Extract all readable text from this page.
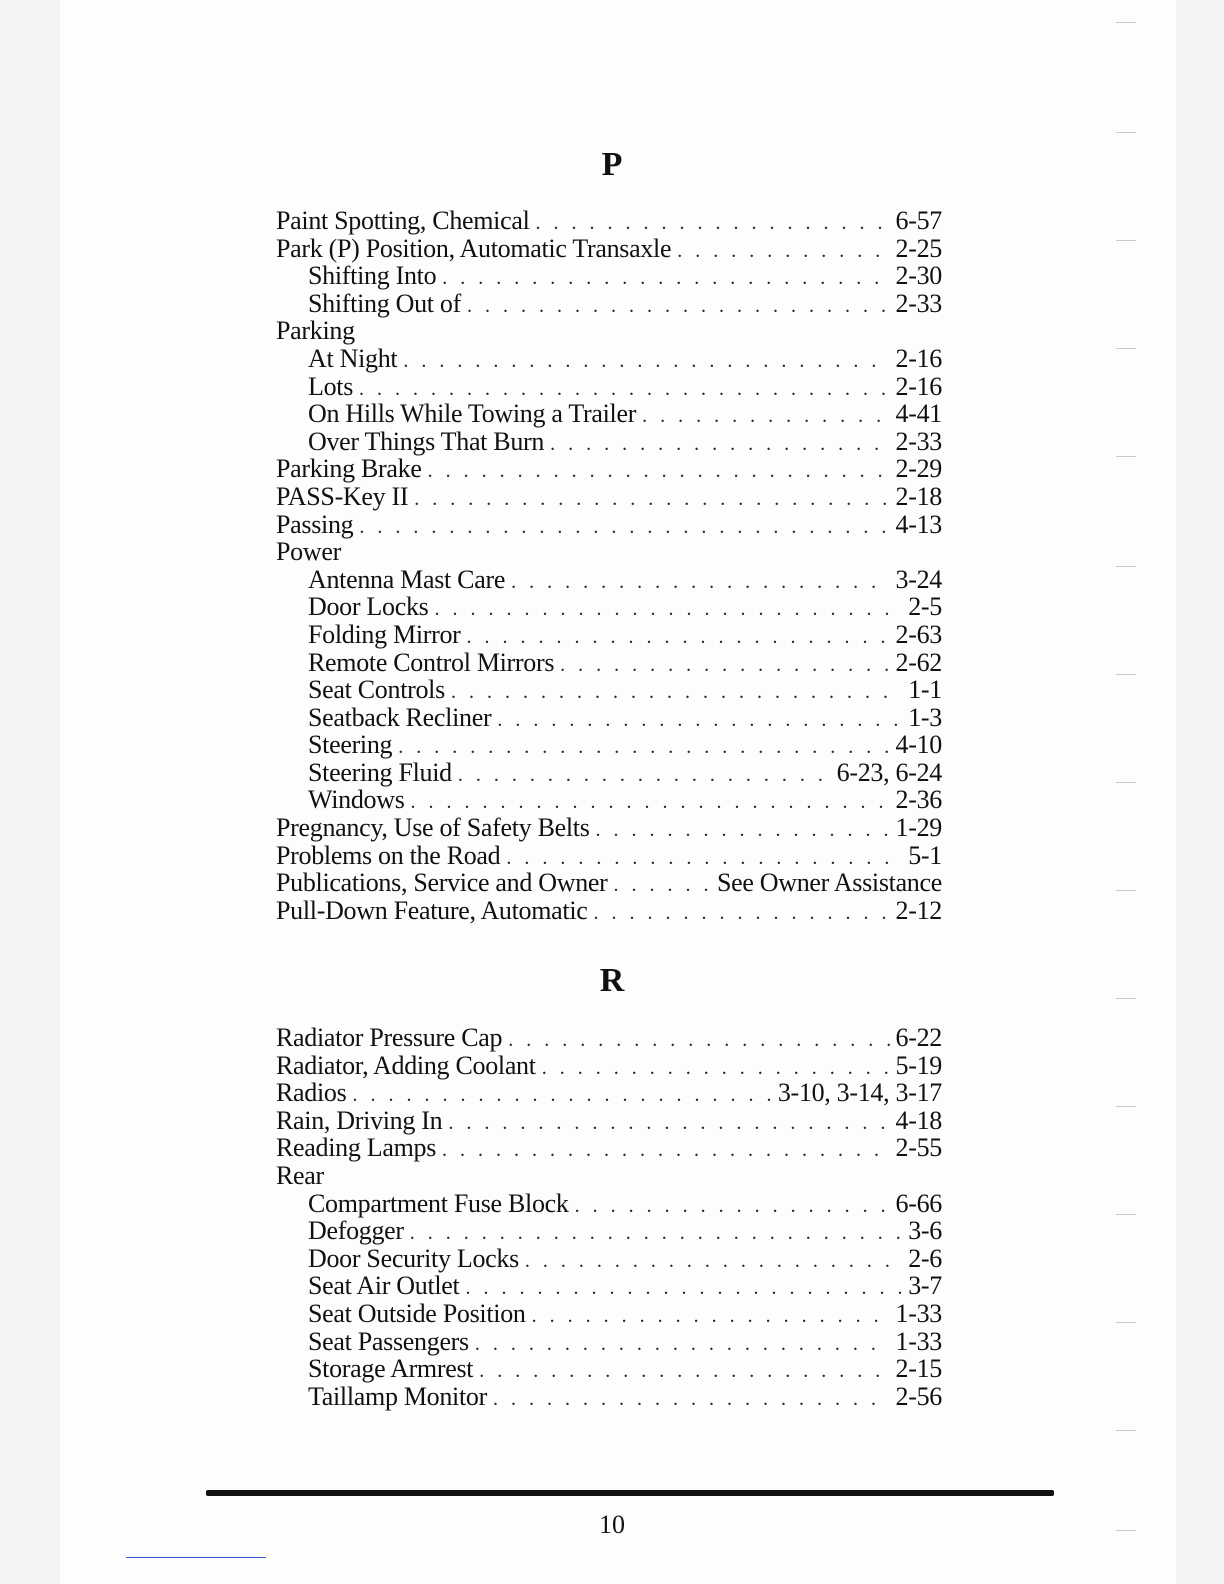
P
Paint Spotting, Chemical . . .	6-57
Park (P) Position, Automatic Transaxle . . .	2-25
Shifting Into . . .	2-30
Shifting Out of . . .	2-33
Parking
At Night . . .	2-16
Lots . . .	2-16
On Hills While Towing a Trailer . . .	4-41
Over Things That Burn . . .	2-33
Parking Brake . . .	2-29
PASS-Key II . . .	2-18
Passing . . .	4-13
Power
Antenna Mast Care . . .	3-24
Door Locks . . .	2-5
Folding Mirror . . .	2-63
Remote Control Mirrors . . .	2-62
Seat Controls . . .	1-1
Seatback Recliner . . .	1-3
Steering . . .	4-10
Steering Fluid . . .	6-23, 6-24
Windows . . .	2-36
Pregnancy, Use of Safety Belts . . .	1-29
Problems on the Road . . .	5-1
Publications, Service and Owner . . .	See Owner Assistance
Pull-Down Feature, Automatic . . .	2-12
R
Radiator Pressure Cap . . .	6-22
Radiator, Adding Coolant . . .	5-19
Radios . . .	3-10, 3-14, 3-17
Rain, Driving In . . .	4-18
Reading Lamps . . .	2-55
Rear
Compartment Fuse Block . . .	6-66
Defogger . . .	3-6
Door Security Locks . . .	2-6
Seat Air Outlet . . .	3-7
Seat Outside Position . . .	1-33
Seat Passengers . . .	1-33
Storage Armrest . . .	2-15
Taillamp Monitor . . .	2-56
10
